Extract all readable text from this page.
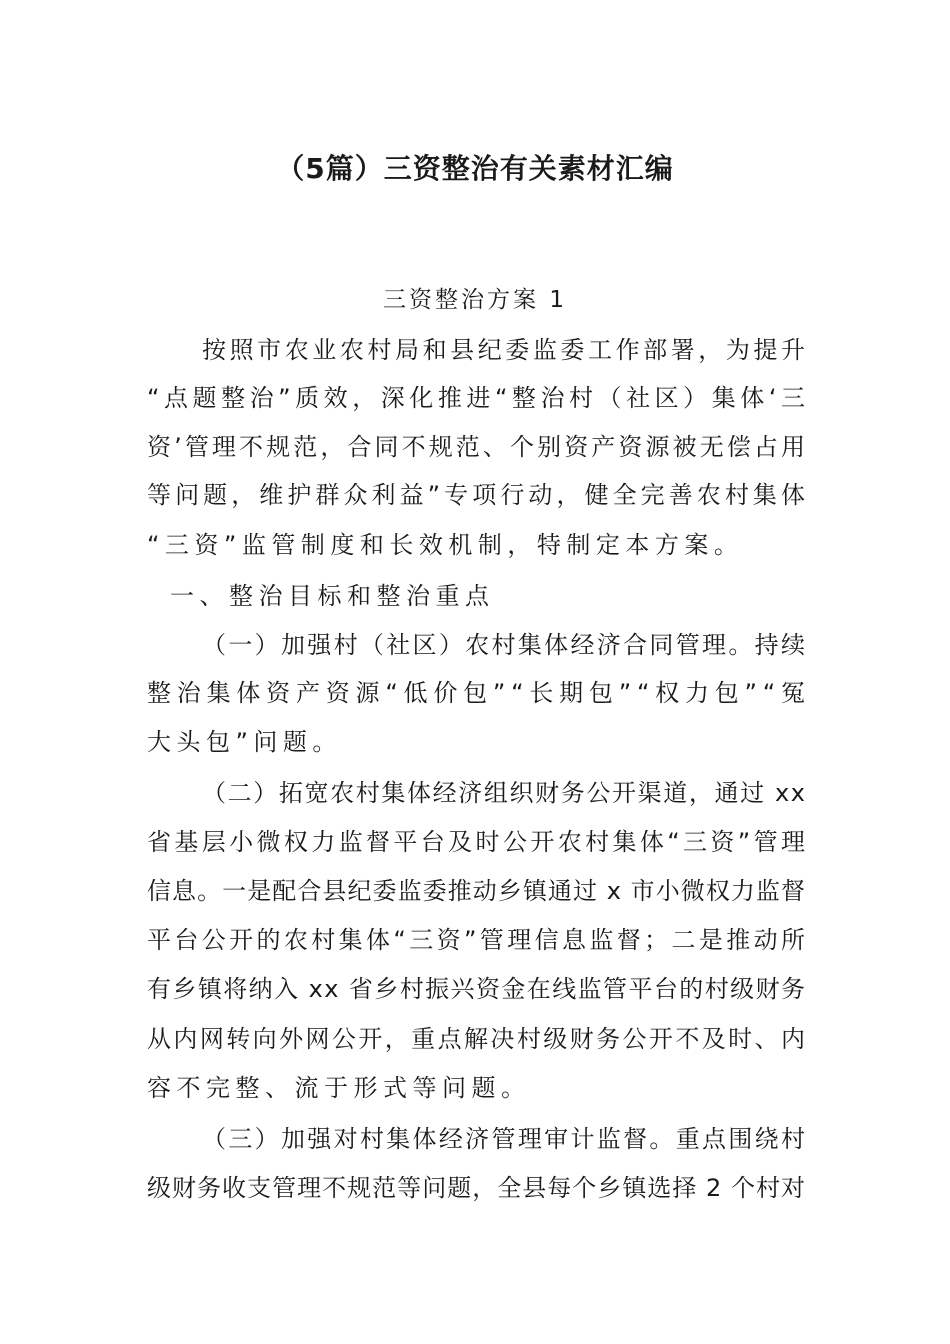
（5篇）三资整治有关素材汇编
三资整治方案 1
按照市农业农村局和县纪委监委工作部署，为提升
“点题整治”质效，深化推进“整治村（社区）集体‘三
资’管理不规范，合同不规范、个别资产资源被无偿占用
等问题，维护群众利益”专项行动，健全完善农村集体
“三资”监管制度和长效机制，特制定本方案。
一、整治目标和整治重点
（一）加强村（社区）农村集体经济合同管理。持续
整治集体资产资源“低价包”“长期包”“权力包”“冤
大头包”问题。
（二）拓宽农村集体经济组织财务公开渠道，通过 xx
省基层小微权力监督平台及时公开农村集体“三资”管理
信息。一是配合县纪委监委推动乡镇通过 x 市小微权力监督
平台公开的农村集体“三资”管理信息监督；二是推动所
有乡镇将纳入 xx 省乡村振兴资金在线监管平台的村级财务
从内网转向外网公开，重点解决村级财务公开不及时、内
容不完整、流于形式等问题。
（三）加强对村集体经济管理审计监督。重点围绕村
级财务收支管理不规范等问题，全县每个乡镇选择 2 个村对
